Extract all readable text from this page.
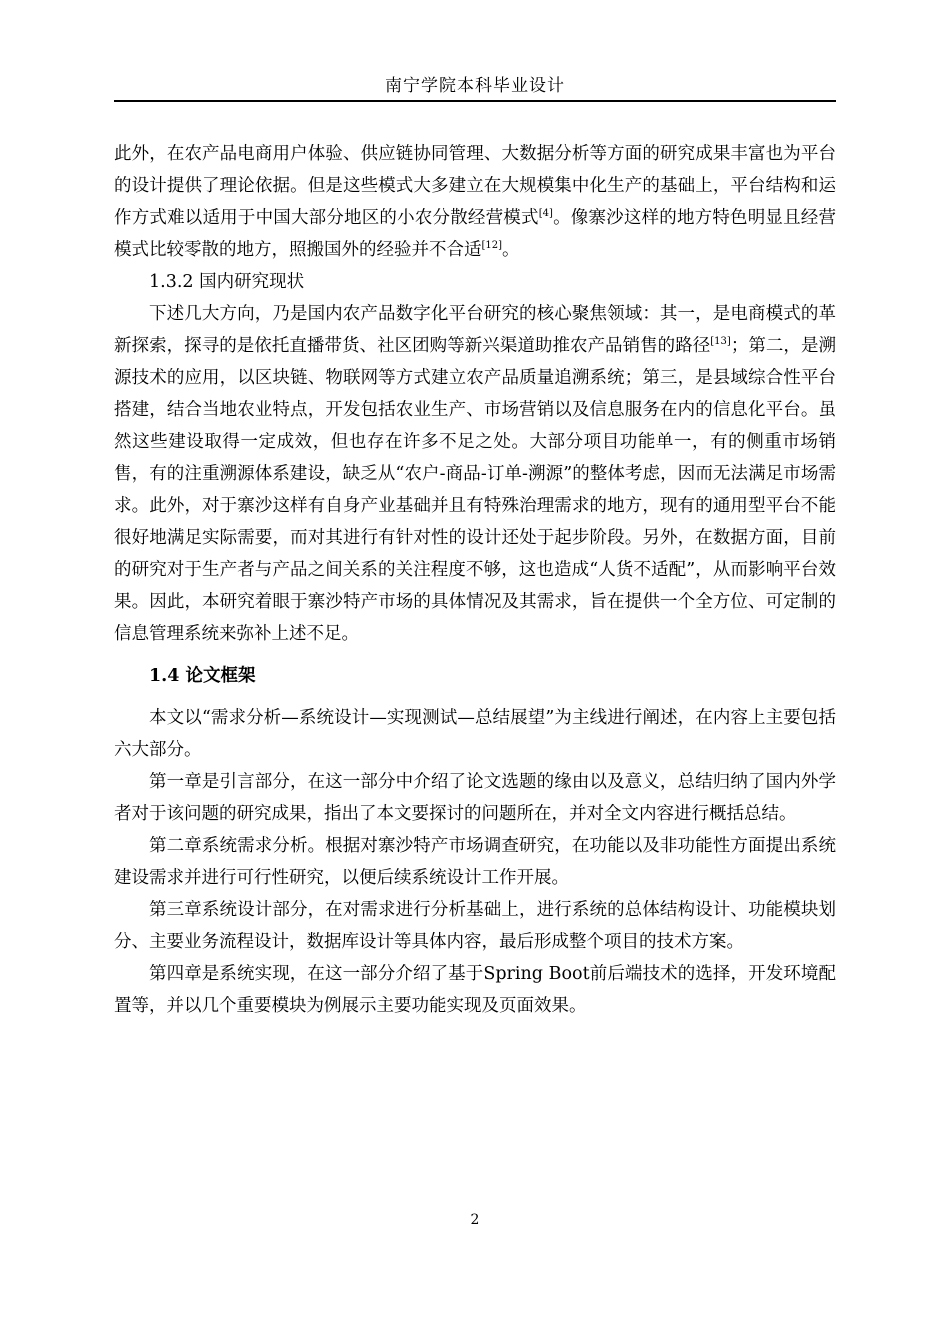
南宁学院本科毕业设计

此外，在农产品电商用户体验、供应链协同管理、大数据分析等方面的研究成果丰富也为平台的设计提供了理论依据。但是这些模式大多建立在大规模集中化生产的基础上，平台结构和运作方式难以适用于中国大部分地区的小农分散经营模式[4]。像寨沙这样的地方特色明显且经营模式比较零散的地方，照搬国外的经验并不合适[12]。

1.3.2 国内研究现状

下述几大方向，乃是国内农产品数字化平台研究的核心聚焦领域：其一，是电商模式的革新探索，探寻的是依托直播带货、社区团购等新兴渠道助推农产品销售的路径[13]；第二，是溯源技术的应用，以区块链、物联网等方式建立农产品质量追溯系统；第三，是县域综合性平台搭建，结合当地农业特点，开发包括农业生产、市场营销以及信息服务在内的信息化平台。虽然这些建设取得一定成效，但也存在许多不足之处。大部分项目功能单一，有的侧重市场销售，有的注重溯源体系建设，缺乏从“农户-商品-订单-溯源”的整体考虑，因而无法满足市场需求。此外，对于寨沙这样有自身产业基础并且有特殊治理需求的地方，现有的通用型平台不能很好地满足实际需要，而对其进行有针对性的设计还处于起步阶段。另外，在数据方面，目前的研究对于生产者与产品之间关系的关注程度不够，这也造成“人货不适配”，从而影响平台效果。因此，本研究着眼于寨沙特产市场的具体情况及其需求，旨在提供一个全方位、可定制的信息管理系统来弥补上述不足。

1.4 论文框架

本文以“需求分析—系统设计—实现测试—总结展望”为主线进行阐述，在内容上主要包括六大部分。

第一章是引言部分，在这一部分中介绍了论文选题的缘由以及意义，总结归纳了国内外学者对于该问题的研究成果，指出了本文要探讨的问题所在，并对全文内容进行概括总结。

第二章系统需求分析。根据对寨沙特产市场调查研究，在功能以及非功能性方面提出系统建设需求并进行可行性研究，以便后续系统设计工作开展。

第三章系统设计部分，在对需求进行分析基础上，进行系统的总体结构设计、功能模块划分、主要业务流程设计，数据库设计等具体内容，最后形成整个项目的技术方案。

第四章是系统实现，在这一部分介绍了基于Spring Boot前后端技术的选择，开发环境配置等，并以几个重要模块为例展示主要功能实现及页面效果。

2
